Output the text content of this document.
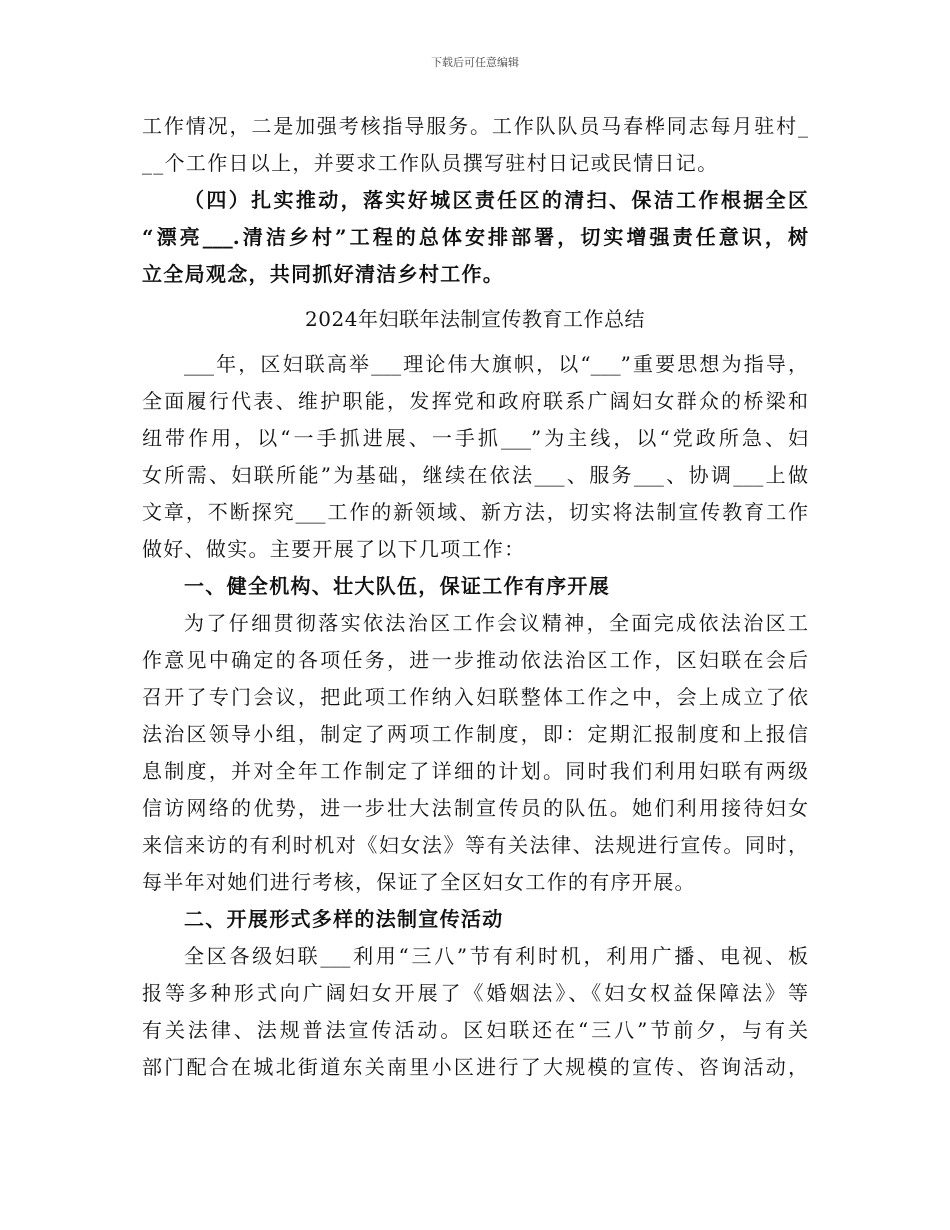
下载后可任意编辑
工作情况，二是加强考核指导服务。工作队队员马春桦同志每月驻村_
__个工作日以上，并要求工作队员撰写驻村日记或民情日记。
（四）扎实推动，落实好城区责任区的清扫、保洁工作根据全区
“漂亮___.清洁乡村”工程的总体安排部署，切实增强责任意识，树
立全局观念，共同抓好清洁乡村工作。
2024年妇联年法制宣传教育工作总结
___年，区妇联高举___理论伟大旗帜，以“___”重要思想为指导，
全面履行代表、维护职能，发挥党和政府联系广阔妇女群众的桥梁和
纽带作用，以“一手抓进展、一手抓___”为主线，以“党政所急、妇
女所需、妇联所能”为基础，继续在依法___、服务___、协调___上做
文章，不断探究___工作的新领域、新方法，切实将法制宣传教育工作
做好、做实。主要开展了以下几项工作：
一、健全机构、壮大队伍，保证工作有序开展
为了仔细贯彻落实依法治区工作会议精神，全面完成依法治区工
作意见中确定的各项任务，进一步推动依法治区工作，区妇联在会后
召开了专门会议，把此项工作纳入妇联整体工作之中，会上成立了依
法治区领导小组，制定了两项工作制度，即：定期汇报制度和上报信
息制度，并对全年工作制定了详细的计划。同时我们利用妇联有两级
信访网络的优势，进一步壮大法制宣传员的队伍。她们利用接待妇女
来信来访的有利时机对《妇女法》等有关法律、法规进行宣传。同时，
每半年对她们进行考核，保证了全区妇女工作的有序开展。
二、开展形式多样的法制宣传活动
全区各级妇联___利用“三八”节有利时机，利用广播、电视、板
报等多种形式向广阔妇女开展了《婚姻法》、《妇女权益保障法》等
有关法律、法规普法宣传活动。区妇联还在“三八”节前夕，与有关
部门配合在城北街道东关南里小区进行了大规模的宣传、咨询活动，
